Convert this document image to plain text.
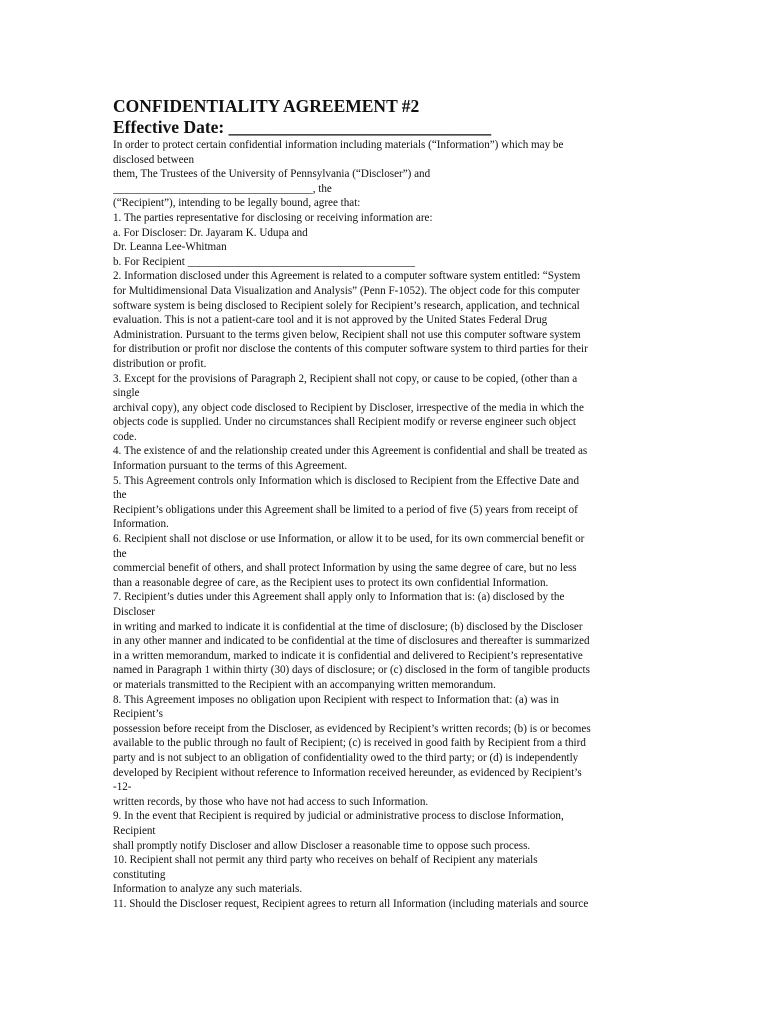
CONFIDENTIALITY AGREEMENT #2
Effective Date: ______________________________
In order to protect certain confidential information including materials (“Information”) which may be
disclosed between
them, The Trustees of the University of Pennsylvania (“Discloser”) and
____________________________________, the
(“Recipient”), intending to be legally bound, agree that:
1. The parties representative for disclosing or receiving information are:
a. For Discloser: Dr. Jayaram K. Udupa and
Dr. Leanna Lee-Whitman
b. For Recipient _________________________________________
2. Information disclosed under this Agreement is related to a computer software system entitled: “System
for Multidimensional Data Visualization and Analysis” (Penn F-1052). The object code for this computer
software system is being disclosed to Recipient solely for Recipient’s research, application, and technical
evaluation. This is not a patient-care tool and it is not approved by the United States Federal Drug
Administration. Pursuant to the terms given below, Recipient shall not use this computer software system
for distribution or profit nor disclose the contents of this computer software system to third parties for their
distribution or profit.
3. Except for the provisions of Paragraph 2, Recipient shall not copy, or cause to be copied, (other than a
single
archival copy), any object code disclosed to Recipient by Discloser, irrespective of the media in which the
objects code is supplied. Under no circumstances shall Recipient modify or reverse engineer such object
code.
4. The existence of and the relationship created under this Agreement is confidential and shall be treated as
Information pursuant to the terms of this Agreement.
5. This Agreement controls only Information which is disclosed to Recipient from the Effective Date and
the
Recipient’s obligations under this Agreement shall be limited to a period of five (5) years from receipt of
Information.
6. Recipient shall not disclose or use Information, or allow it to be used, for its own commercial benefit or
the
commercial benefit of others, and shall protect Information by using the same degree of care, but no less
than a reasonable degree of care, as the Recipient uses to protect its own confidential Information.
7. Recipient’s duties under this Agreement shall apply only to Information that is: (a) disclosed by the
Discloser
in writing and marked to indicate it is confidential at the time of disclosure; (b) disclosed by the Discloser
in any other manner and indicated to be confidential at the time of disclosures and thereafter is summarized
in a written memorandum, marked to indicate it is confidential and delivered to Recipient’s representative
named in Paragraph 1 within thirty (30) days of disclosure; or (c) disclosed in the form of tangible products
or materials transmitted to the Recipient with an accompanying written memorandum.
8. This Agreement imposes no obligation upon Recipient with respect to Information that: (a) was in
Recipient’s
possession before receipt from the Discloser, as evidenced by Recipient’s written records; (b) is or becomes
available to the public through no fault of Recipient; (c) is received in good faith by Recipient from a third
party and is not subject to an obligation of confidentiality owed to the third party; or (d) is independently
developed by Recipient without reference to Information received hereunder, as evidenced by Recipient’s
-12-
written records, by those who have not had access to such Information.
9. In the event that Recipient is required by judicial or administrative process to disclose Information,
Recipient
shall promptly notify Discloser and allow Discloser a reasonable time to oppose such process.
10. Recipient shall not permit any third party who receives on behalf of Recipient any materials
constituting
Information to analyze any such materials.
11. Should the Discloser request, Recipient agrees to return all Information (including materials and source
